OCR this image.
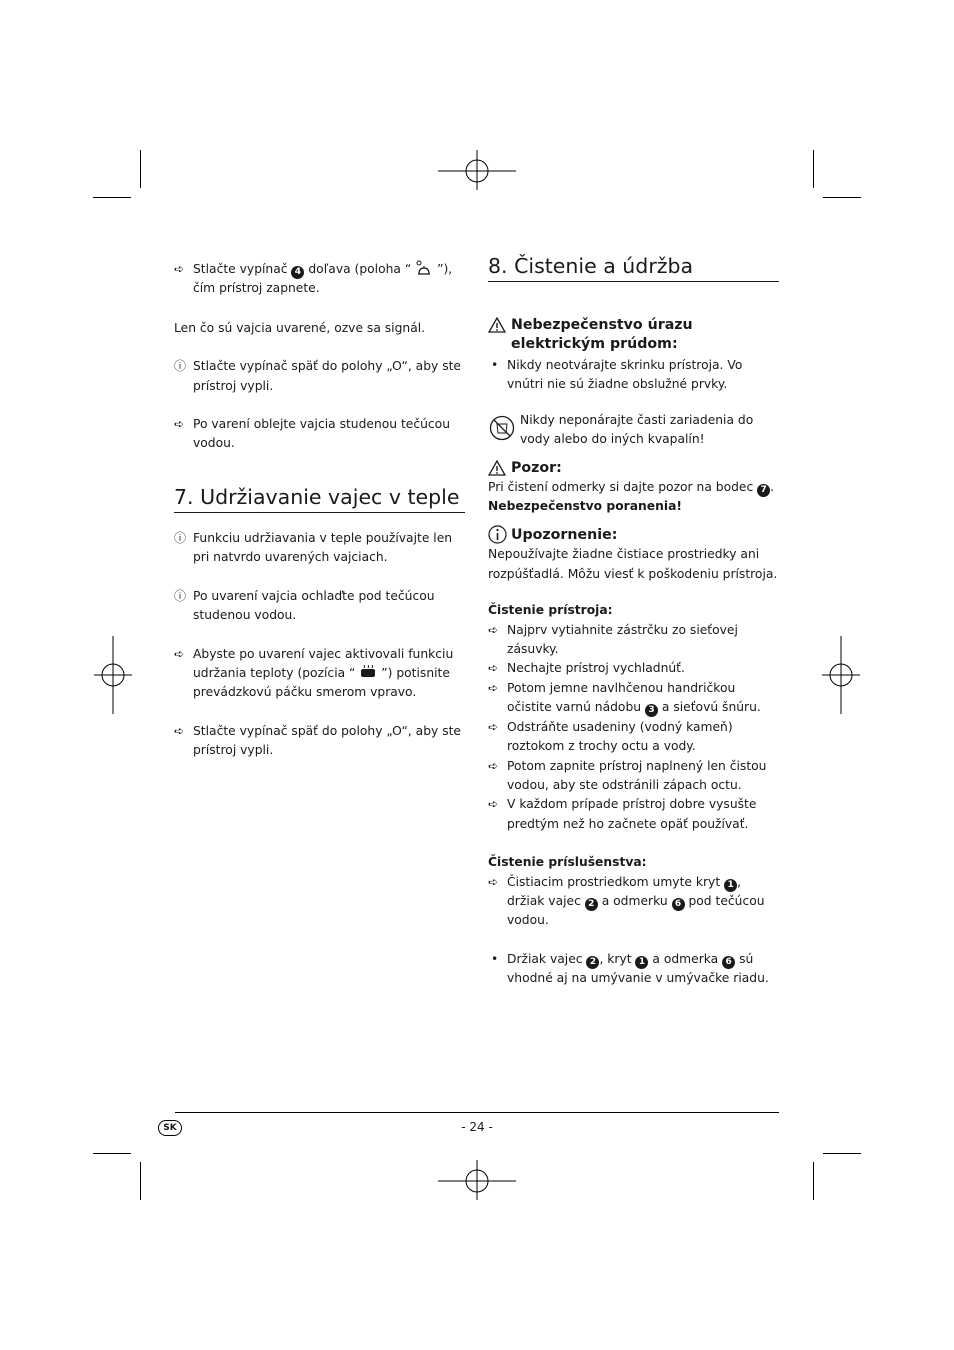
➪ Stlačte vypínač 4 doľava (poloha “ ”), čím prístroj zapnete.
Len čo sú vajcia uvarené, ozve sa signál.
ⓘ Stlačte vypínač späť do polohy „O“, aby ste prístroj vypli.
➪ Po varení oblejte vajcia studenou tečúcou vodou.
7. Udržiavanie vajec v teple
ⓘ Funkciu udržiavania v teple používajte len pri natvrdo uvarených vajciach.
ⓘ Po uvarení vajcia ochlaďte pod tečúcou studenou vodou.
➪ Abyste po uvarení vajec aktivovali funkciu udržania teploty (pozícia “ ”) potisnite prevádzkovú páčku smerom vpravo.
➪ Stlačte vypínač späť do polohy „O“, aby ste prístroj vypli.
8. Čistenie a údržba
Nebezpečenstvo úrazu elektrickým prúdom:
• Nikdy neotvárajte skrinku prístroja. Vo vnútri nie sú žiadne obslužné prvky.
Nikdy neponárajte časti zariadenia do vody alebo do iných kvapalín!
Pozor:
Pri čistení odmerky si dajte pozor na bodec 7 . Nebezpečenstvo poranenia!
Upozornenie:
Nepoužívajte žiadne čistiace prostriedky ani rozpúšťadlá. Môžu viesť k poškodeniu prístroja.
Čistenie prístroja:
➪ Najprv vytiahnite zástrčku zo sieťovej zásuvky.
➪ Nechajte prístroj vychladnúť.
➪ Potom jemne navlhčenou handričkou očistite varnú nádobu 3 a sieťovú šnúru.
➪ Odstráňte usadeniny (vodný kameň) roztokom z trochy octu a vody.
➪ Potom zapnite prístroj naplnený len čistou vodou, aby ste odstránili zápach octu.
➪ V každom prípade prístroj dobre vysušte predtým než ho začnete opäť používať.
Čistenie príslušenstva:
➪ Čistiacim prostriedkom umyte kryt 1 , držiak vajec 2 a odmerku 6 pod tečúcou vodou.
• Držiak vajec 2 , kryt 1 a odmerka 6 sú vhodné aj na umývanie v umývačke riadu.
SK	- 24 -
